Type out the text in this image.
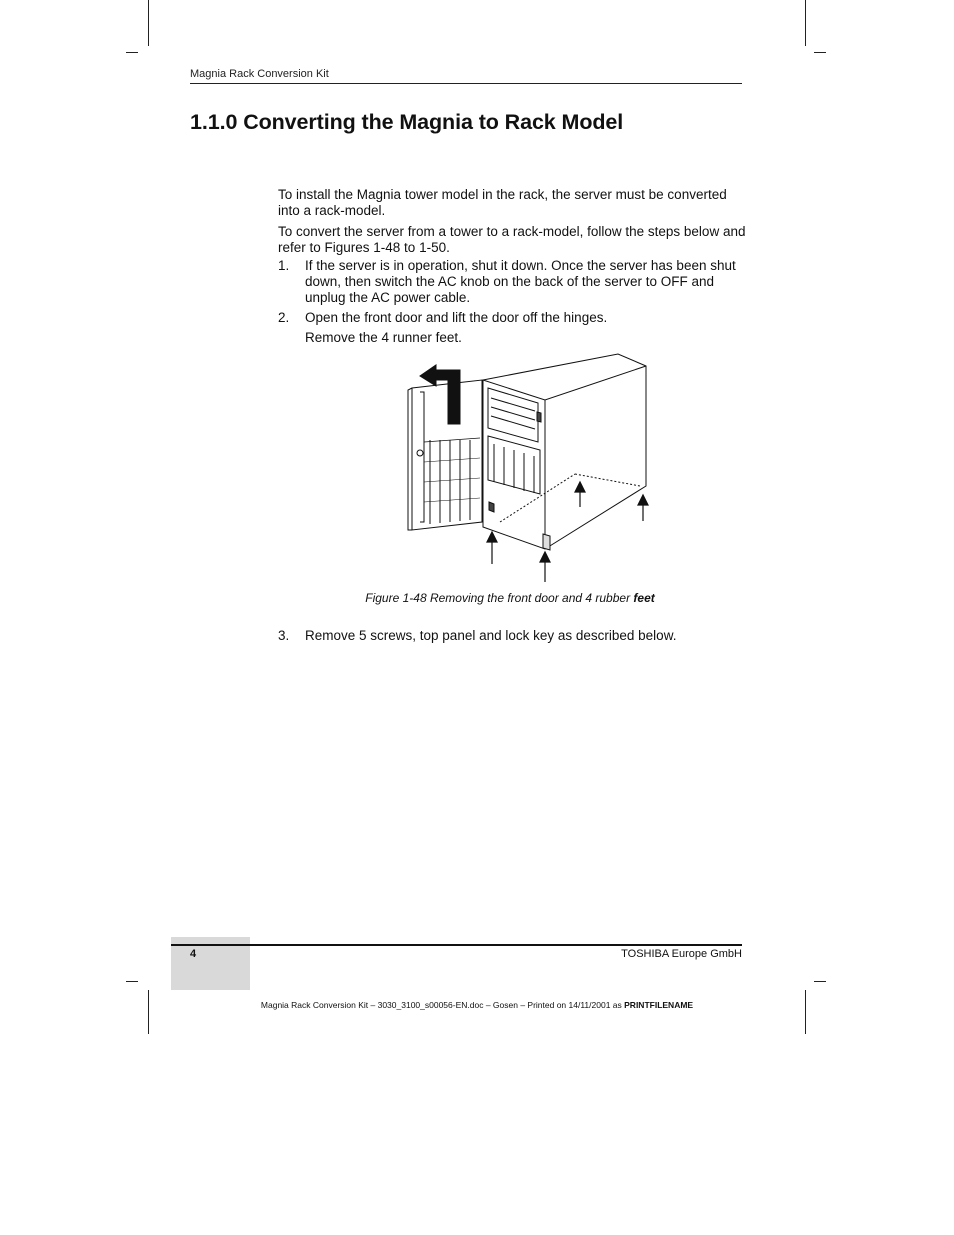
Magnia Rack Conversion Kit
1.1.0 Converting the Magnia to Rack Model

To install the Magnia tower model in the rack, the server must be converted into a rack-model.

To convert the server from a tower to a rack-model, follow the steps below and refer to Figures 1-48 to 1-50.

1. If the server is in operation, shut it down. Once the server has been shut down, then switch the AC knob on the back of the server to OFF and unplug the AC power cable.
2. Open the front door and lift the door off the hinges.
Remove the 4 runner feet.
Figure 1-48 Removing the front door and 4 rubber feet
3. Remove 5 screws, top panel and lock key as described below.
4	TOSHIBA Europe GmbH
Magnia Rack Conversion Kit – 3030_3100_s00056-EN.doc – Gosen – Printed on 14/11/2001 as PRINTFILENAME
